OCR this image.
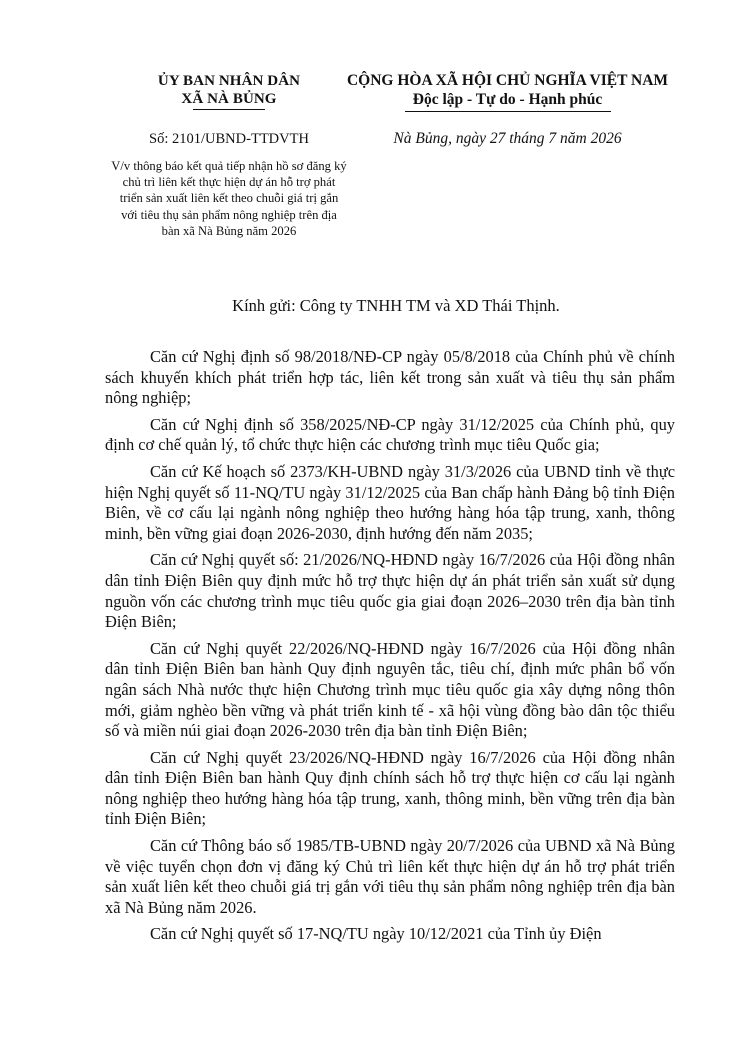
ỦY BAN NHÂN DÂN
XÃ NÀ BỦNG
Số: 2101/UBND-TTDVTH
V/v thông báo kết quả tiếp nhận hồ sơ đăng ký chủ trì liên kết thực hiện dự án hỗ trợ phát triển sản xuất liên kết theo chuỗi giá trị gắn với tiêu thụ sản phẩm nông nghiệp trên địa bàn xã Nà Bủng năm 2026
CỘNG HÒA XÃ HỘI CHỦ NGHĨA VIỆT NAM
Độc lập - Tự do - Hạnh phúc
Nà Bủng, ngày 27 tháng 7 năm 2026
Kính gửi: Công ty TNHH TM và XD Thái Thịnh.

Căn cứ Nghị định số 98/2018/NĐ-CP ngày 05/8/2018 của Chính phủ về chính sách khuyến khích phát triển hợp tác, liên kết trong sản xuất và tiêu thụ sản phẩm nông nghiệp;

Căn cứ Nghị định số 358/2025/NĐ-CP ngày 31/12/2025 của Chính phủ, quy định cơ chế quản lý, tổ chức thực hiện các chương trình mục tiêu Quốc gia;

Căn cứ Kế hoạch số 2373/KH-UBND ngày 31/3/2026 của UBND tỉnh về thực hiện Nghị quyết số 11-NQ/TU ngày 31/12/2025 của Ban chấp hành Đảng bộ tỉnh Điện Biên, về cơ cấu lại ngành nông nghiệp theo hướng hàng hóa tập trung, xanh, thông minh, bền vững giai đoạn 2026-2030, định hướng đến năm 2035;

Căn cứ Nghị quyết số: 21/2026/NQ-HĐND ngày 16/7/2026 của Hội đồng nhân dân tỉnh Điện Biên quy định mức hỗ trợ thực hiện dự án phát triển sản xuất sử dụng nguồn vốn các chương trình mục tiêu quốc gia giai đoạn 2026–2030 trên địa bàn tỉnh Điện Biên;

Căn cứ Nghị quyết 22/2026/NQ-HĐND ngày 16/7/2026 của Hội đồng nhân dân tỉnh Điện Biên ban hành Quy định nguyên tắc, tiêu chí, định mức phân bổ vốn ngân sách Nhà nước thực hiện Chương trình mục tiêu quốc gia xây dựng nông thôn mới, giảm nghèo bền vững và phát triển kinh tế - xã hội vùng đồng bào dân tộc thiểu số và miền núi giai đoạn 2026-2030 trên địa bàn tỉnh Điện Biên;

Căn cứ Nghị quyết 23/2026/NQ-HĐND ngày 16/7/2026 của Hội đồng nhân dân tỉnh Điện Biên ban hành Quy định chính sách hỗ trợ thực hiện cơ cấu lại ngành nông nghiệp theo hướng hàng hóa tập trung, xanh, thông minh, bền vững trên địa bàn tỉnh Điện Biên;

Căn cứ Thông báo số 1985/TB-UBND ngày 20/7/2026 của UBND xã Nà Bủng về việc tuyển chọn đơn vị đăng ký Chủ trì liên kết thực hiện dự án hỗ trợ phát triển sản xuất liên kết theo chuỗi giá trị gắn với tiêu thụ sản phẩm nông nghiệp trên địa bàn xã Nà Bủng năm 2026.

Căn cứ Nghị quyết số 17-NQ/TU ngày 10/12/2021 của Tỉnh ủy Điện
